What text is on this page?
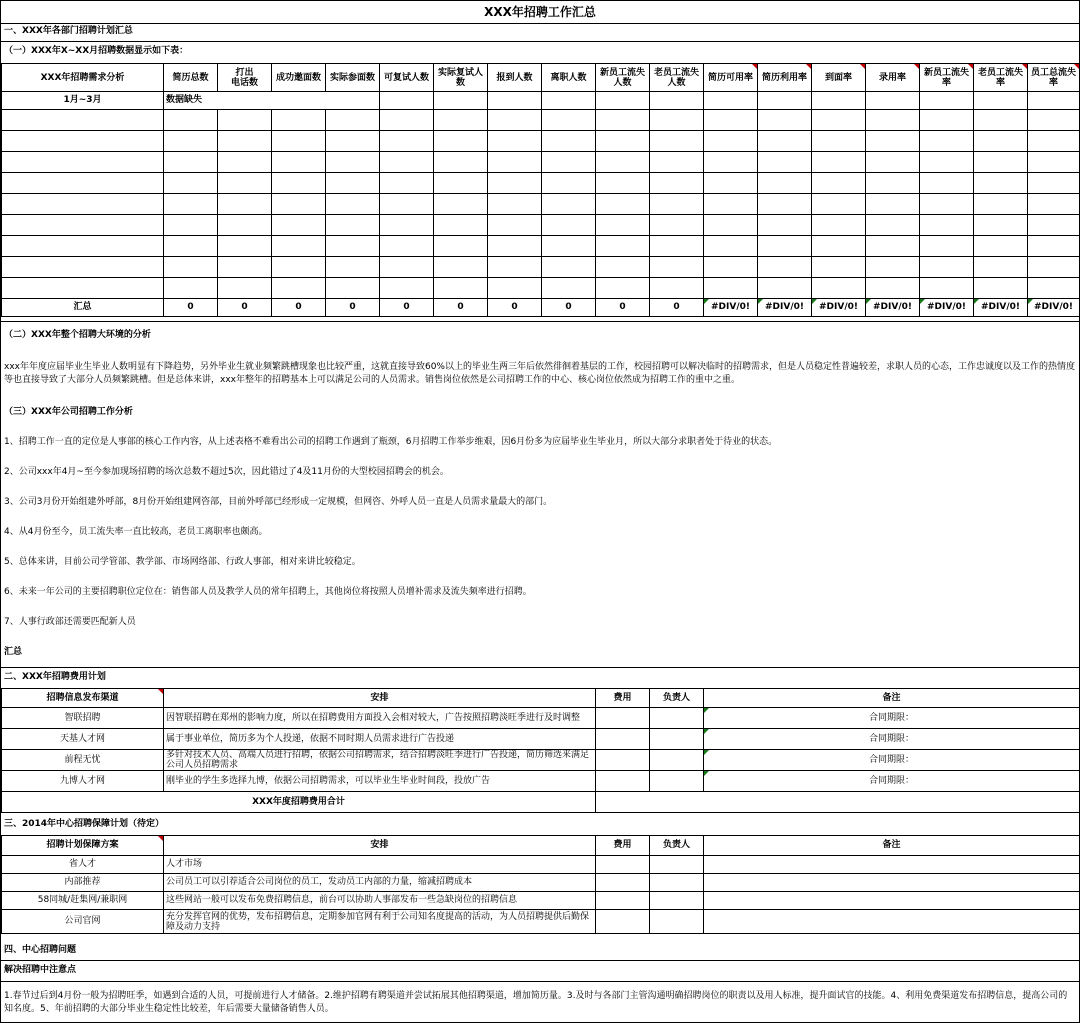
XXX年招聘工作汇总
一、XXX年各部门招聘计划汇总
（一）XXX年X~XX月招聘数据显示如下表：
XXX年招聘需求分析	简历总数	打出
电话数	成功邀面数	实际参面数	可复试人数	实际复试人数	报到人数	离职人数	新员工流失人数	老员工流失人数	简历可用率	简历利用率	到面率	录用率	新员工流失率	老员工流失率	员工总流失率
1月~3月	数据缺失																

汇总	0	0	0	0	0	0	0	0	0	0	#DIV/0!	#DIV/0!	#DIV/0!	#DIV/0!	#DIV/0!	#DIV/0!	#DIV/0!
（二）XXX年整个招聘大环境的分析
xxx年年度应届毕业生毕业人数明显有下降趋势，另外毕业生就业频繁跳槽现象也比较严重，这就直接导致60%以上的毕业生两三年后依然徘徊着基层的工作，校园招聘可以解决临时的招聘需求，但是人员稳定性普遍较差，求职人员的心态，工作忠诚度以及工作的热情度等也直接导致了大部分人员频繁跳槽。但是总体来讲，xxx年整年的招聘基本上可以满足公司的人员需求。销售岗位依然是公司招聘工作的中心、核心岗位依然成为招聘工作的重中之重。
（三）XXX年公司招聘工作分析
1、招聘工作一直的定位是人事部的核心工作内容，从上述表格不难看出公司的招聘工作遇到了瓶颈，6月招聘工作举步维艰，因6月份多为应届毕业生毕业月，所以大部分求职者处于待业的状态。
2、公司xxx年4月~至今参加现场招聘的场次总数不超过5次，因此错过了4及11月份的大型校园招聘会的机会。
3、公司3月份开始组建外呼部，8月份开始组建网咨部，目前外呼部已经形成一定规模，但网咨、外呼人员一直是人员需求量最大的部门。
4、从4月份至今，员工流失率一直比较高，老员工离职率也颇高。
5、总体来讲，目前公司学管部、教学部、市场网络部、行政人事部，相对来讲比较稳定。
6、未来一年公司的主要招聘职位定位在：销售部人员及教学人员的常年招聘上，其他岗位将按照人员增补需求及流失频率进行招聘。
7、人事行政部还需要匹配新人员
汇总
二、XXX年招聘费用计划
招聘信息发布渠道	安排	费用	负责人	备注
智联招聘	因智联招聘在郑州的影响力度，所以在招聘费用方面投入会相对较大，广告按照招聘淡旺季进行及时调整			合同期限：
天基人才网	属于事业单位，简历多为个人投递，依据不同时期人员需求进行广告投递			合同期限：
前程无忧	多针对技术人员、高端人员进行招聘，依据公司招聘需求，结合招聘淡旺季进行广告投递，简历筛选来满足公司人员招聘需求			合同期限：
九博人才网	刚毕业的学生多选择九博，依据公司招聘需求，可以毕业生毕业时间段，投放广告			合同期限：
XXX年度招聘费用合计				
三、2014年中心招聘保障计划（待定）
招聘计划保障方案	安排	费用	负责人	备注
省人才	人才市场			
内部推荐	公司员工可以引荐适合公司岗位的员工，发动员工内部的力量，缩减招聘成本			
58同城/赶集网/兼职网	这些网站一般可以发布免费招聘信息，前台可以协助人事部发布一些急缺岗位的招聘信息			
公司官网	充分发挥官网的优势，发布招聘信息，定期参加官网有利于公司知名度提高的活动，为人员招聘提供后勤保障及动力支持			
四、中心招聘问题
解决招聘中注意点
1.春节过后到4月份一般为招聘旺季，如遇到合适的人员，可提前进行人才储备。2.维护招聘有聘渠道并尝试拓展其他招聘渠道，增加简历量。3.及时与各部门主管沟通明确招聘岗位的职责以及用人标准，提升面试官的技能。4、利用免费渠道发布招聘信息，提高公司的知名度。5、年前招聘的大部分毕业生稳定性比较差，年后需要大量储备销售人员。
